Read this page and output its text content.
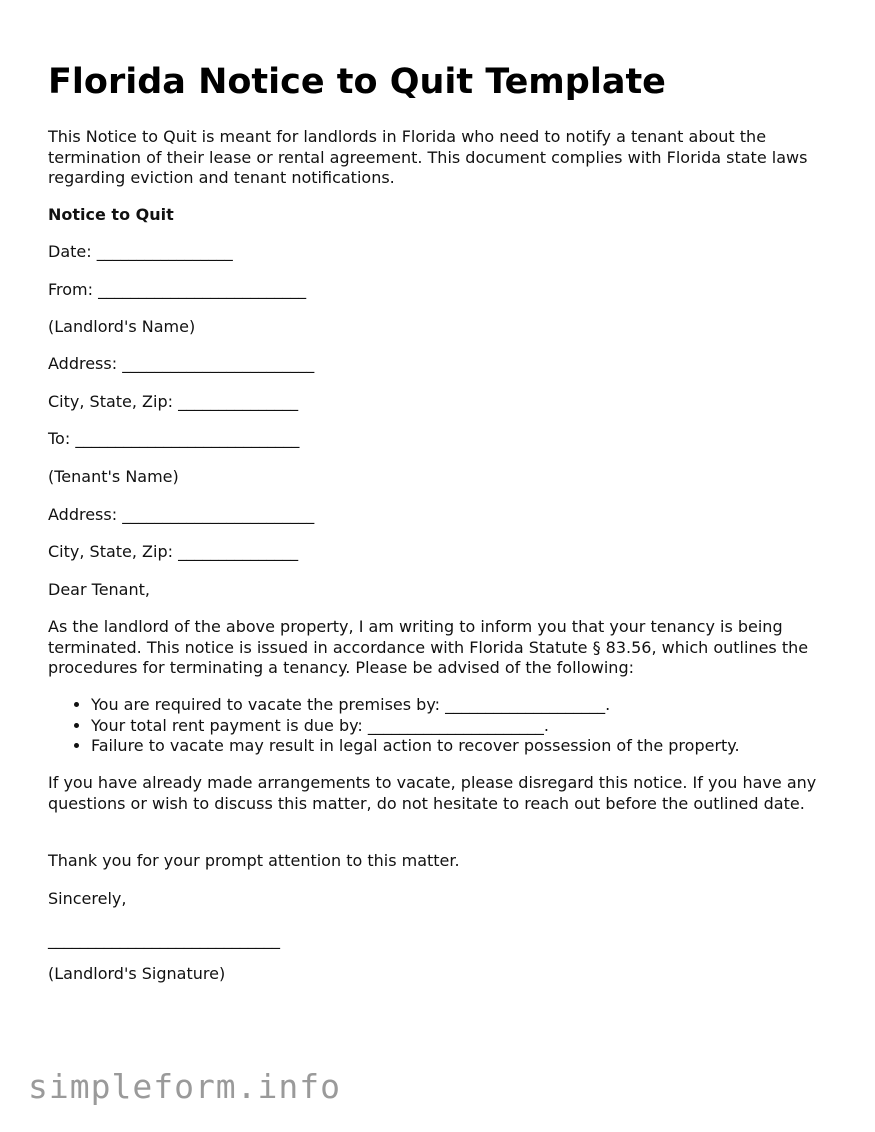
Florida Notice to Quit Template

This Notice to Quit is meant for landlords in Florida who need to notify a tenant about the termination of their lease or rental agreement. This document complies with Florida state laws regarding eviction and tenant notifications.

Notice to Quit

Date: _________________

From: __________________________

(Landlord's Name)

Address: ________________________

City, State, Zip: _______________

To: ____________________________

(Tenant's Name)

Address: ________________________

City, State, Zip: _______________

Dear Tenant,

As the landlord of the above property, I am writing to inform you that your tenancy is being terminated. This notice is issued in accordance with Florida Statute § 83.56, which outlines the procedures for terminating a tenancy. Please be advised of the following:

• You are required to vacate the premises by: ____________________.
• Your total rent payment is due by: ______________________.
• Failure to vacate may result in legal action to recover possession of the property.

If you have already made arrangements to vacate, please disregard this notice. If you have any questions or wish to discuss this matter, do not hesitate to reach out before the outlined date.

Thank you for your prompt attention to this matter.

Sincerely,

_____________________________

(Landlord's Signature)

simpleform.info
